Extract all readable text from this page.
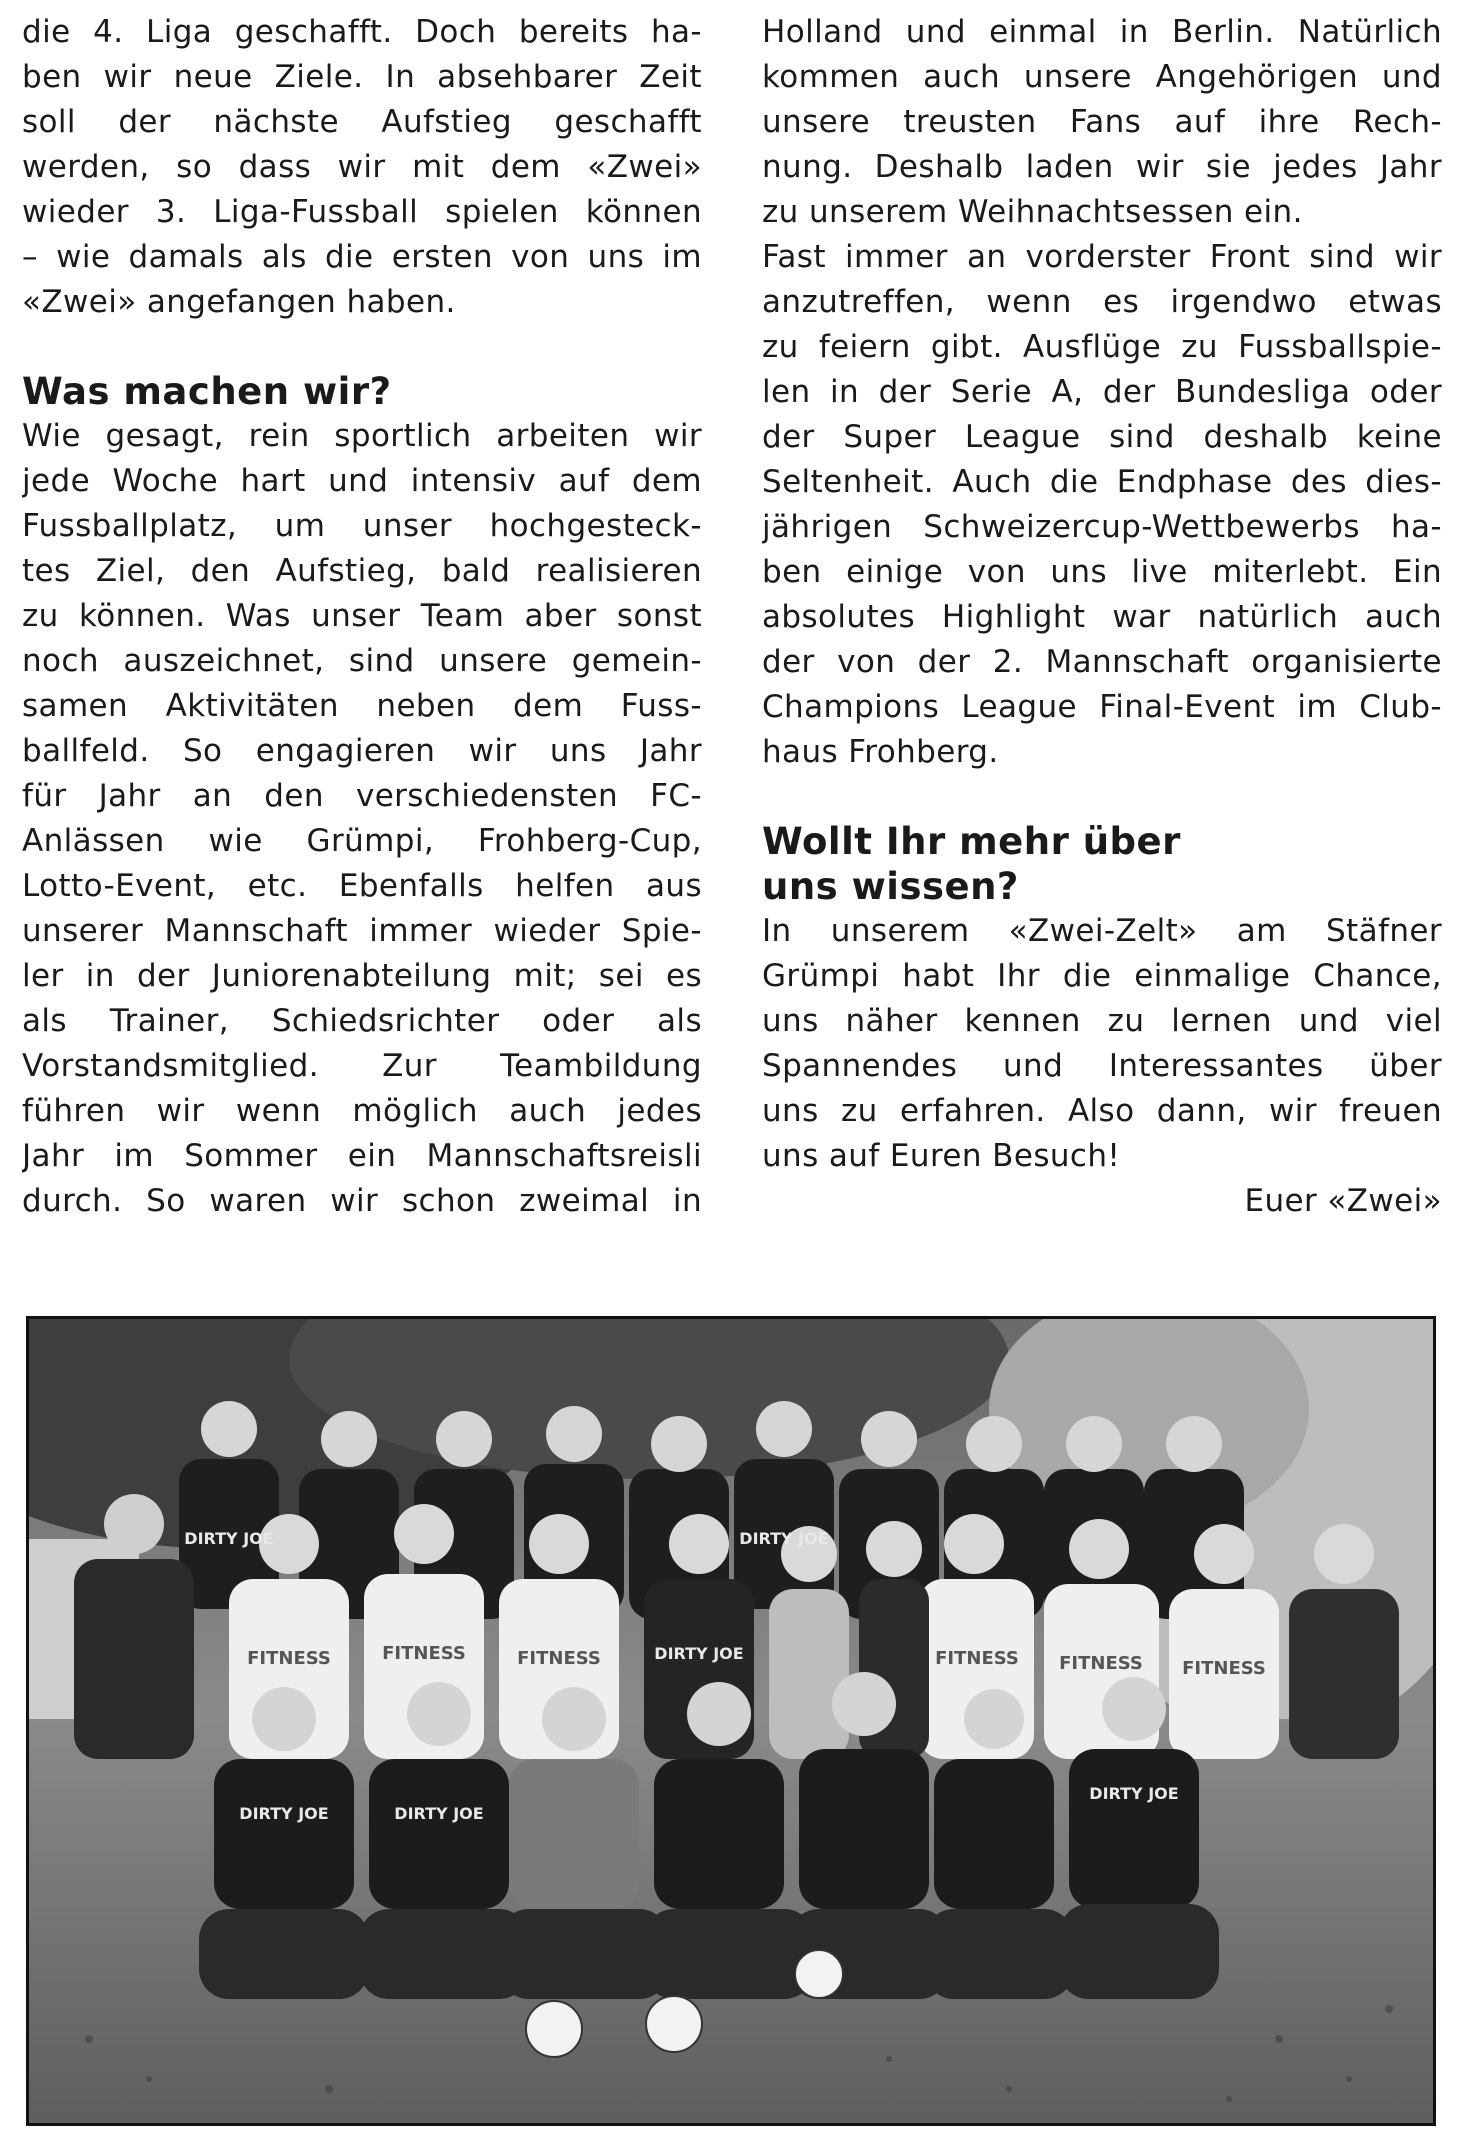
die 4. Liga geschafft. Doch bereits ha-
ben wir neue Ziele. In absehbarer Zeit
soll der nächste Aufstieg geschafft
werden, so dass wir mit dem «Zwei»
wieder 3. Liga-Fussball spielen können
– wie damals als die ersten von uns im
«Zwei» angefangen haben.
Was machen wir?
Wie gesagt, rein sportlich arbeiten wir
jede Woche hart und intensiv auf dem
Fussballplatz, um unser hochgesteck-
tes Ziel, den Aufstieg, bald realisieren
zu können. Was unser Team aber sonst
noch auszeichnet, sind unsere gemein-
samen Aktivitäten neben dem Fuss-
ballfeld. So engagieren wir uns Jahr
für Jahr an den verschiedensten FC-
Anlässen wie Grümpi, Frohberg-Cup,
Lotto-Event, etc. Ebenfalls helfen aus
unserer Mannschaft immer wieder Spie-
ler in der Juniorenabteilung mit; sei es
als Trainer, Schiedsrichter oder als
Vorstandsmitglied. Zur Teambildung
führen wir wenn möglich auch jedes
Jahr im Sommer ein Mannschaftsreisli
durch. So waren wir schon zweimal in
Holland und einmal in Berlin. Natürlich
kommen auch unsere Angehörigen und
unsere treusten Fans auf ihre Rech-
nung. Deshalb laden wir sie jedes Jahr
zu unserem Weihnachtsessen ein.
Fast immer an vorderster Front sind wir
anzutreffen, wenn es irgendwo etwas
zu feiern gibt. Ausflüge zu Fussballspie-
len in der Serie A, der Bundesliga oder
der Super League sind deshalb keine
Seltenheit. Auch die Endphase des dies-
jährigen Schweizercup-Wettbewerbs ha-
ben einige von uns live miterlebt. Ein
absolutes Highlight war natürlich auch
der von der 2. Mannschaft organisierte
Champions League Final-Event im Club-
haus Frohberg.
Wollt Ihr mehr über
uns wissen?
In unserem «Zwei-Zelt» am Stäfner
Grümpi habt Ihr die einmalige Chance,
uns näher kennen zu lernen und viel
Spannendes und Interessantes über
uns zu erfahren. Also dann, wir freuen
uns auf Euren Besuch!
Euer «Zwei»
FITNESS	FITNESS	FITNESS	FITNESS FITNESS FITNESS
DIRTY JOE
DIRTY JOE
DIRTY JOE
DIRTY JOE	DIRTY JOE
DIRTY JOE
